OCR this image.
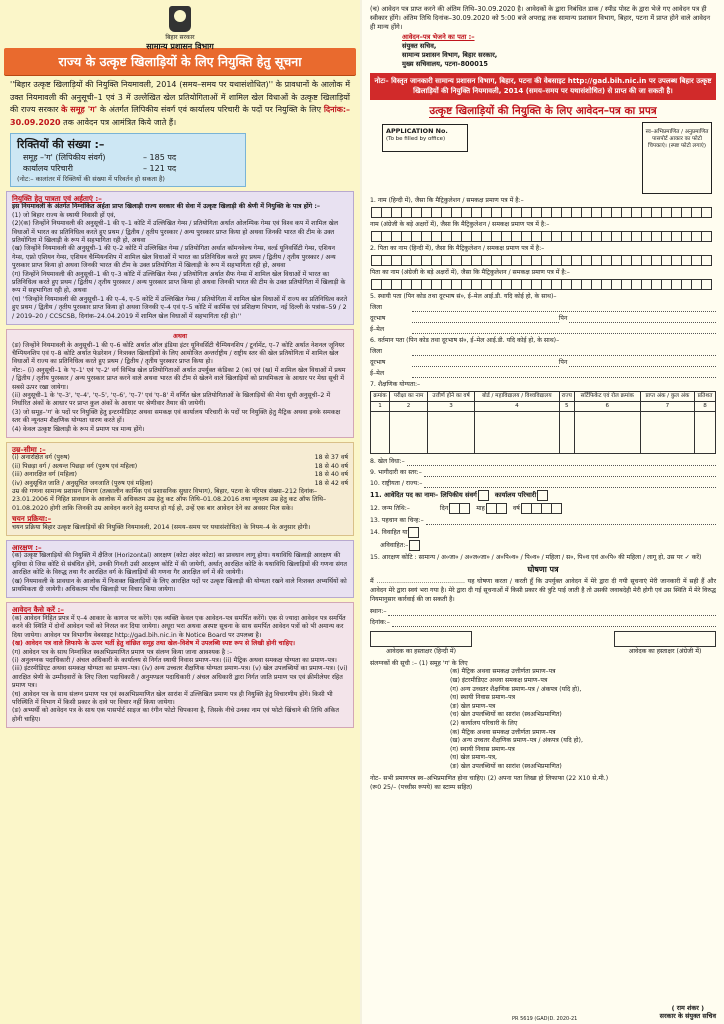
बिहार सरकार
सामान्य प्रशासन विभाग
राज्य के उत्कृष्ट खिलाड़ियों के लिए नियुक्ति हेतु सूचना
''बिहार उत्कृष्ट खिलाड़ियों की नियुक्ति नियमावली, 2014 (समय–समय पर यथासंशोधित)'' के प्रावधानों के आलोक में उक्त नियमावली की अनुसूची–1 एवं 3 में उल्लेखित खेल प्रतियोगिताओं में शामिल खेल विधाओं के उत्कृष्ट खिलाड़ियों की राज्य सरकार के समूह 'ग' के अंतर्गत लिपिकीय संवर्ग एवं कार्यालय परिचारी के पदों पर नियुक्ति के लिए दिनांक:– 30.09.2020 तक आवेदन पत्र आमंत्रित किये जाते हैं।
रिक्तियों की संख्या :–
समूह –'ग' (लिपिकीय संवर्ग)	– 185 पद
कार्यालय परिचारी	– 121 पद
(नोट:– कालांतर में रिक्तियों की संख्या में परिवर्तन हो सकता है)
नियुक्ति हेतु पात्रता एवं अर्हताएं :–
इस नियमावली के अंतर्गत निम्नांकित अर्हता प्राप्त खिलाड़ी राज्य सरकार की सेवा में उत्कृष्ट खिलाड़ी की श्रेणी में नियुक्ति के पात्र होंगे :–
(1) जो बिहार राज्य के स्थायी निवासी हों एवं,
(2)(क) जिन्होंने नियमावली की अनुसूची–1 की ए–1 कोटि में उल्लिखित गेम्स / प्रतियोगिता अर्थात ओलम्पिक गेम्स एवं विश्व कप में शामिल खेल विधाओं में भारत का प्रतिनिधित्व करते हुए प्रथम / द्वितीय / तृतीय पुरस्कार / अन्य पुरस्कार प्राप्त किया हो अथवा जिनकी भारत की टीम के उक्त प्रतियोगिता में खिलाड़ी के रूप में सहभागिता रही हो, अथवा
(ख) जिन्होंने नियमावली की अनुसूची–1 की ए–2 कोटि में उल्लिखित गेम्स / प्रतियोगिता अर्थात कॉमनवेल्थ गेम्स, वर्ल्ड यूनिवर्सिटी गेम्स, एशियन गेम्स, एफ्रो एशियन गेम्स, एशियन चैम्पियनशिप में शामिल खेल विधाओं में भारत का प्रतिनिधित्व करते हुए प्रथम / द्वितीय / तृतीय पुरस्कार / अन्य पुरस्कार प्राप्त किया हो अथवा जिनकी भारत की टीम के उक्त प्रतियोगिता में खिलाड़ी के रूप में सहभागिता रही हो, अथवा
(ग) जिन्होंने नियमावली की अनुसूची–1 की ए–3 कोटि में उल्लिखित गेम्स / प्रतियोगिता अर्थात सैफ गेम्स में शामिल खेल विधाओं में भारत का प्रतिनिधित्व करते हुए प्रथम / द्वितीय / तृतीय पुरस्कार / अन्य पुरस्कार प्राप्त किया हो अथवा जिनकी भारत की टीम के उक्त प्रतियोगिता में खिलाड़ी के रूप में सहभागिता रही हो, अथवा
(घ) ''जिन्होंने नियमावली की अनुसूची–1 की ए–4, ए–5 कोटि में उल्लिखित गेम्स / प्रतियोगिता में शामिल खेल विधाओं में राज्य का प्रतिनिधित्व करते हुए प्रथम / द्वितीय / तृतीय पुरस्कार प्राप्त किया हो अथवा जिनकी ए–4 एवं ए–5 कोटि में कार्मिक एवं प्रशिक्षण विभाग, नई दिल्ली के पत्रांक–59 / 2 / 2019–20 / CCSCSB, दिनांक–24.04.2019 में शामिल खेल विधाओं में सहभागिता रही हो।''
अथवा
(ङ) जिन्होंने नियमावली के अनुसूची–1 की ए–6 कोटि अर्थात ऑल इंडिया इंटर यूनिवर्सिटी चैम्पियनशिप / टूर्नामेंट, ए–7 कोटि अर्थात नेशनल जूनियर चैम्पियनशिप एवं ए–8 कोटि अर्थात फेडरेशन / निःशक्त खिलाड़ियों के लिए आयोजित अन्तर्राष्ट्रीय / राष्ट्रीय स्तर की खेल प्रतियोगिता में शामिल खेल विधाओं में राज्य का प्रतिनिधित्व करते हुए प्रथम / द्वितीय / तृतीय पुरस्कार प्राप्त किया हो।
नोट:– (i) अनुसूची–1 के 'ए–1' एवं 'ए–2' वर्ग विभिन्न खेल प्रतियोगिताओं अर्थात उपर्युक्त कंडिका 2 (क) एवं (ख) में शामिल खेल विधाओं में प्रथम / द्वितीय / तृतीय पुरस्कार / अन्य पुरस्कार प्राप्त करने वाले अथवा भारत की टीम से खेलने वाले खिलाड़ियों को प्राथमिकता के आधार पर मेधा सूची में सबसे ऊपर रखा जायेगा।
(ii) अनुसूची–1 के 'ए–3', 'ए–4', 'ए–5', 'ए–6', 'ए–7' एवं 'ए–8' में वर्णित खेल प्रतियोगिताओं के खिलाड़ियों की मेधा सूची अनुसूची–2 में निर्धारित अंकों के आधार पर प्राप्त कुल अंकों के आधार पर श्रेणीवार तैयार की जायेगी।
(3) जो समूह–'ग' के पदों पर नियुक्ति हेतु इन्टरमीडिएट अथवा समकक्ष एवं कार्यालय परिचारी के पदों पर नियुक्ति हेतु मैट्रिक अथवा इनके समकक्ष स्तर की न्यूनतम शैक्षणिक योग्यता धारण करते हों।
(4) केवल उत्कृष्ट खिलाड़ी के रूप में प्रमाण पत्र मान्य होंगे।
उम्र–सीमा :–
(i) अनारक्षित वर्ग (पुरुष)	18 से 37 वर्ष
(ii) पिछड़ा वर्ग / अत्यन्त पिछड़ा वर्ग (पुरुष एवं महिला)	18 से 40 वर्ष
(iii) अनारक्षित वर्ग (महिला)	18 से 40 वर्ष
(iv) अनुसूचित जाति / अनुसूचित जनजाति (पुरुष एवं महिला)	18 से 42 वर्ष
उम्र की गणना सामान्य प्रशासन विभाग (तत्कालीन कार्मिक एवं प्रशासनिक सुधार विभाग), बिहार, पटना के परिपत्र संख्या–212 दिनांक–23.01.2006 में निहित प्रावधान के आलोक में अधिकतम उम्र हेतु कट ऑफ तिथि–01.08.2016 तथा न्यूनतम उम्र हेतु कट ऑफ तिथि– 01.08.2020 होगी ताकि जिनकी उम्र आवेदन करने हेतु समाप्त हो गई हो, उन्हें एक बार आवेदन देने का अवसर मिल सके।
चयन प्रक्रिया:–
चयन प्रक्रिया बिहार उत्कृष्ट खिलाड़ियों की नियुक्ति नियमावली, 2014 (समय–समय पर यथासंशोधित) के नियम–4 के अनुसार होगी।
आरक्षण :–
(क) उत्कृष्ट खिलाड़ियों की नियुक्ति में क्षैतिज (Horizontal) आरक्षण (कोटा अंदर कोटा) का प्रावधान लागू होगा। यथाविधि खिलाड़ी आरक्षण की सुविधा से जिस कोटि से संबंधित होंगे, उनकी गिनती उसी आरक्षण कोटि में की जायेगी, अर्थात् आरक्षित कोटि के यथाविधि खिलाड़ियों की गणना संगत आरक्षित कोटि के विरुद्ध तथा गैर आरक्षित वर्ग के खिलाड़ियों की गणना गैर आरक्षित वर्ग में की जायेगी।
(ख) नियमावली के प्रावधान के आलोक में निःशक्त खिलाड़ियों के लिए आरक्षित पदों पर उत्कृष्ट खिलाड़ी की योग्यता रखने वाले निःशक्त अभ्यर्थियों को प्राथमिकता दी जायेगी। अधिकतम पाँच खिलाड़ी पर विचार किया जायेगा।
आवेदन कैसे करें :–
(क) आवेदन निहित प्रपत्र में ए–4 आकार के कागज पर करेंगे। एक व्यक्ति केवल एक आवेदन–पत्र समर्पित करेंगे। एक से ज्यादा आवेदन पत्र समर्पित करने की स्थिति में दोनों आवेदन पत्रों को निरस्त कर दिया जायेगा। अधूरा भरा अथवा अस्पष्ट सूचना के साथ समर्पित आवेदन पत्रों को भी अमान्य कर दिया जायेगा। आवेदन पत्र विभागीय वेबसाइट http://gad.bih.nic.in के Notice Board पर उपलब्ध है।
(ख) आवेदन पत्र वाले लिफाफे के ऊपर भर्ती हेतु वांछित समूह तथा खेल–विशेष में उपलब्धि स्पष्ट रूप से लिखी होनी चाहिए।
(ग) आवेदन पत्र के साथ निम्नांकित स्वअभिप्रमाणित प्रमाण पत्र संलग्न किया जाना आवश्यक है :–
(i) अनुलग्नक पदाधिकारी / अंचल अधिकारी के कार्यालय से निर्गत स्थायी निवास प्रमाण–पत्र। (ii) मैट्रिक अथवा समकक्ष योग्यता का प्रमाण–पत्र। (iii) इंटरमीडिएट अथवा समकक्ष योग्यता का प्रमाण–पत्र। (iv) अन्य उच्चतर शैक्षणिक योग्यता प्रमाण–पत्र। (v) खेल उपलब्धियों का प्रमाण–पत्र। (vi) आरक्षित श्रेणी के उम्मीदवारों के लिए जिला पदाधिकारी / अनुमण्डल पदाधिकारी / अंचल अधिकारी द्वारा निर्गत जाति प्रमाण पत्र एवं क्रीमीलेयर रहित प्रमाण पत्र।
(घ) आवेदन पत्र के साथ संलग्न प्रमाण पत्र एवं स्वअभिप्रमाणित खेल सारांश में उल्लिखित प्रमाण पत्र ही नियुक्ति हेतु विचारणीय होंगे। किसी भी परिस्थिति में विभाग में किसी प्रकार के दावे पर विचार नहीं किया जायेगा।
(ङ) अभ्यर्थी को आवेदन पत्र के साथ एक पासपोर्ट साइज का रंगीन फोटो चिपकाना है, जिसके नीचे उनका नाम एवं फोटो खिंचाने की तिथि अंकित होनी चाहिए।
(च) आवेदन पत्र प्राप्त करने की अंतिम तिथि–30.09.2020 है। आवेदकों के द्वारा निबंधित डाक / स्पीड पोस्ट के द्वारा भेजे गए आवेदन पत्र ही स्वीकार होंगे। अंतिम तिथि दिनांक–30.09.2020 को 5:00 बजे अपराह्न तक सामान्य प्रशासन विभाग, बिहार, पटना में प्राप्त होने वाले आवेदन ही मान्य होंगे।
आवेदन–पत्र भेजने का पता :–
संयुक्त सचिव,
सामान्य प्रशासन विभाग, बिहार सरकार,
मुख्य सचिवालय, पटना–800015
नोटः– विस्तृत जानकारी सामान्य प्रशासन विभाग, बिहार, पटना की वेबसाइट http://gad.bih.nic.in पर उपलब्ध बिहार उत्कृष्ट खिलाड़ियों की नियुक्ति नियमावली, 2014 (समय–समय पर यथासंशोधित) से प्राप्त की जा सकती है।
उत्कृष्ट खिलाड़ियों की नियुक्ति के लिए आवेदन–पत्र का प्रपत्र
APPLICATION No.
(To be filled by office)
स्व–अभिप्रमाणित / अनुप्रमाणित पासपोर्ट आकार का फोटो चिपकाएं। (स्पष्ट फोटो लगाएं)
1. नाम (हिन्दी में), जैसा कि मैट्रिकुलेशन / समकक्ष प्रमाण पत्र में है:–
नाम (अंग्रेजी के बड़े अक्षरों में), जैसा कि मैट्रिकुलेशन / समकक्ष प्रमाण पत्र में है:–
2. पिता का नाम (हिन्दी में), जैसा कि मैट्रिकुलेशन / समकक्ष प्रमाण पत्र में है:–
पिता का नाम (अंग्रेजी के बड़े अक्षरों में), जैसा कि मैट्रिकुलेशन / समकक्ष प्रमाण पत्र में है:–
5. स्थायी पता (पिन कोड तथा दूरभाष सं०, ई–मेल आई.डी. यदि कोई हो, के साथ)–
जिला
दूरभाष	पिन
ई–मेल
6. वर्तमान पता (पिन कोड तथा दूरभाष सं०, ई–मेल आई.डी. यदि कोई हो, के साथ)–
जिला
दूरभाष	पिन
ई–मेल
7. शैक्षणिक योग्यता:–
क्रमांक	परीक्षा का नाम	उत्तीर्ण होने का वर्ष	बोर्ड / महाविद्यालय / विश्वविद्यालय	राज्य	सर्टिफिकेट एवं रोल क्रमांक	प्राप्त अंक / कुल अंक	प्रतिशत
1	2	3	4	5	6	7	8

8. खेल विधा:–
9. भागीदारी का स्तर:–
10. राष्ट्रीयता / राज्य:–
11. आवेदित पद का नामः– लिपिकीय संवर्ग	कार्यालय परिचारी
12. जन्म तिथि:–	दिन	माह	वर्ष
13. पहचान का चिन्ह:–
14. विवाहित या
अविवाहित:–
15. आरक्षण कोटि : सामान्य / अ०जा० / अ०ज०जा० / अ०पि०व० / पि०व० / महिला / स०, पि०व एवं अ०पि० की महिला / लागू हो, उस पर ✓ करें)
घोषणा पत्र
मैं ............................................. यह घोषणा करता / करती हूँ कि उपर्युक्त आवेदन में मेरे द्वारा दी गयी सूचनाएं मेरी जानकारी में सही हैं और आवेदन मेरे द्वारा स्वयं भरा गया है। मेरे द्वारा दी गई सूचनाओं में किसी प्रकार की त्रुटि पाई जाती है तो उसकी जवाबदेही मेरी होगी एवं उस स्थिति में मेरे विरुद्ध नियमानुसार कार्रवाई की जा सकती है।
स्थान:–
दिनांक:–
आवेदक का हस्ताक्षर (हिन्दी में)	आवेदक का हस्ताक्षर (अंग्रेजी में)
संलग्नकों की सूची :– (1) समूह 'ग' के लिए
(क) मैट्रिक अथवा समकक्ष उत्तीर्णता प्रमाण–पत्र
(ख) इंटरमीडिएट अथवा समकक्ष प्रमाण–पत्र
(ग) अन्य उच्चतर शैक्षणिक प्रमाण–पत्र / अंकपत्र (यदि हो),
(घ) स्थायी निवास प्रमाण–पत्र
(ङ) खेल प्रमाण–पत्र
(च) खेल उपलब्धियों का सारांश (स्वअभिप्रमाणित)
(2) कार्यालय परिचारी के लिए
(क) मैट्रिक अथवा समकक्ष उत्तीर्णता प्रमाण–पत्र
(ख) अन्य उच्चतर शैक्षणिक प्रमाण–पत्र / अंकपत्र (यदि हो),
(ग) स्थायी निवास प्रमाण–पत्र
(घ) खेल प्रमाण–पत्र,
(ङ) खेल उपलब्धियों का सारांश (स्वअभिप्रमाणित)
नोट– सभी प्रमाणपत्र स्व–अभिप्रमाणित होना चाहिए। (2) अपना पता लिखा हो लिफाफा (22 X10 से.मी.) (रू0 25/– (पच्चीस रूपये) का स्टाम्प सहित)
( राम शंकर )
सरकार के संयुक्त सचिव
PR 5619 (GAD)D. 2020-21
